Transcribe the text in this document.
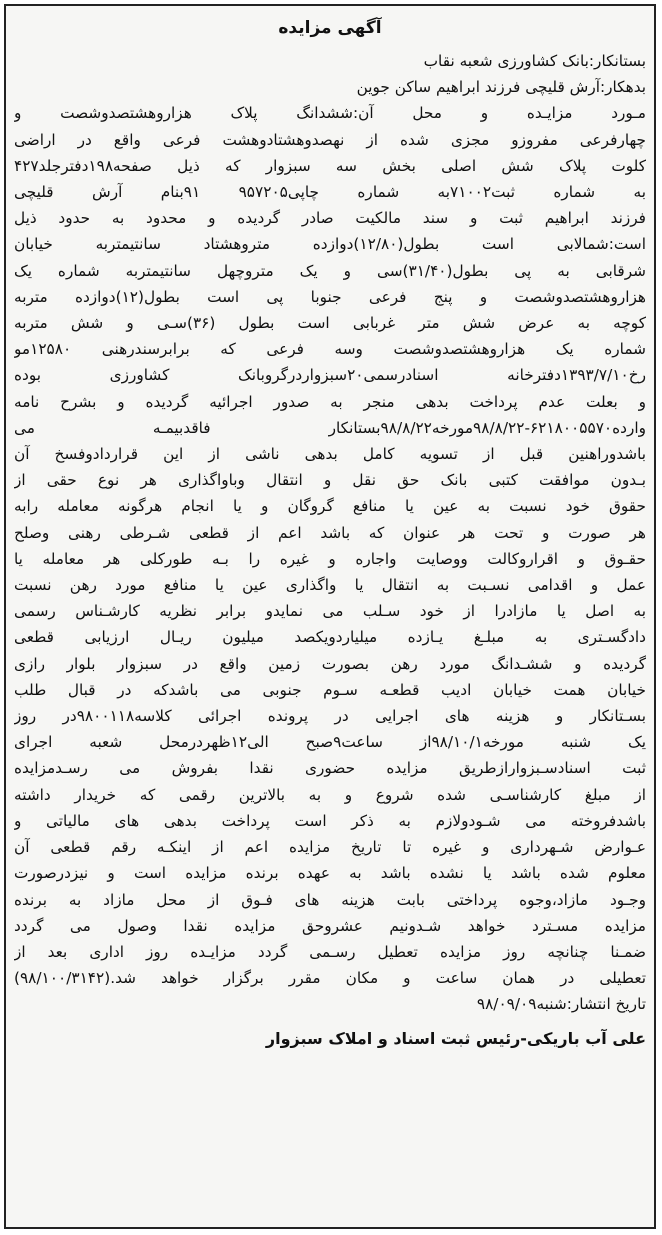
آگهی مزایده
بستانکار:بانک کشاورزی شعبه نقاب
بدهکار:آرش قلیچی فرزند ابراهیم ساکن جوین
مـورد مزایـده و محل آن:ششدانگ پلاک هزاروهشتصدوشصت و
چهارفرعی مفروزو مجزی شده از نهصدوهشتادوهشت فرعی واقع در اراضی
کلوت پلاک شش اصلی بخش سه سبزوار که ذیل صفحه۱۹۸دفترجلد۴۲۷
به شماره ثبت۷۱۰۰۲به شماره چاپی۹۵۷۲۰۵ ۹۱بنام آرش قلیچی
فرزند ابراهیم ثبت و سند مالکیت صادر گردیده و محدود به حدود ذیل
است:شمالابی است بطول(۱۲/۸۰)دوازده متروهشتاد سانتیمتربه خیابان
شرقابی به پی بطول(۳۱/۴۰)سی و یک متروچهل سانتیمتربه شماره یک
هزاروهشتصدوشصت و پنج فرعی جنوبا پی است بطول(۱۲)دوازده متربه
کوچه به عرض شش متر غربابی است بطول (۳۶)سـی و شش متربه
شماره یک هزاروهشتصدوشصت وسه فرعی که برابرسندرهنی ۱۲۵۸۰مو
رخ۱۳۹۳/۷/۱۰دفترخانه اسنادرسمی۲۰سبزواردرگروبانک کشاورزی بوده
و بعلت عدم پرداخت بدهی منجر به صدور اجرائیه گردیده و بشرح نامه
وارده۶۲۱۸۰۰۵۵۷۰-۹۸/۸/۲۲مورخه۹۸/۸/۲۲بستانکار فاقدبیمـه می
باشدوراهنین قبل از تسویه کامل بدهی ناشی از این قراردادوفسخ آن
بـدون موافقت کتبی بانک حق نقل و انتقال وباواگذاری هر نوع حقی از
حقوق خود نسبت به عین یا منافع گروگان و یا انجام هرگونه معامله رابه
هر صورت و تحت هر عنوان که باشد اعم از قطعی شـرطی رهنی وصلح
حقـوق و اقراروکالت ووصایت واجاره و غیره را بـه طورکلی هر معامله یا
عمل و اقدامی نسـبت به انتقال یا واگذاری عین یا منافع مورد رهن نسبت
به اصل یا مازادرا از خود سـلب می نمایدو برابر نظریه کارشـناس رسمی
دادگسـتری به مبلـغ یـازده میلیاردویکصد میلیون ریـال ارزیابی قطعی
گردیده و ششـدانگ مورد رهن بصورت زمین واقع در سبزوار بلوار رازی
خیابان همت خیابان ادیب قطعـه سـوم جنوبی می باشدکه در قبال طلب
بسـتانکار و هزینه های اجرایی در پرونده اجرائی کلاسه۹۸۰۰۱۱۸در روز
یک شنبه مورخه۹۸/۱۰/۱از ساعت۹صبح الی۱۲ظهردرمحل شعبه اجرای
ثبت اسنادسـبزواراز‌طریق مزایده حضوری نقدا بفروش می رسـدمزایده
از مبلغ کارشناسـی شده شروع و به بالاترین رقمی که خریدار داشته
باشدفروخته می شـودولازم به ذکر است پرداخت بدهی های مالیاتی و
عـوارض شـهرداری و غیره تا تاریخ مزایده اعم از اینکـه رقم قطعی آن
معلوم شده باشد یا نشده باشد به عهده برنده مزایده است و نیزدرصورت
وجـود مازاد،وجوه پرداختی بابت هزینه های فـوق از محل مازاد به برنده
مزایده مسـترد خواهد شـدونیم عشروحق مزایده نقدا وصول می گردد
ضمـنا چنانچه روز مزایده تعطیل رسـمی گردد مزایـده روز اداری بعد از
تعطیلی در همان ساعت و مکان مقرر برگزار خواهد شد.(۹۸/۱۰۰/۳۱۴۲)
تاریخ انتشار:شنبه۹۸/۰۹/۰۹
علی آب باریکی-رئیس ثبت اسناد و املاک سبزوار
